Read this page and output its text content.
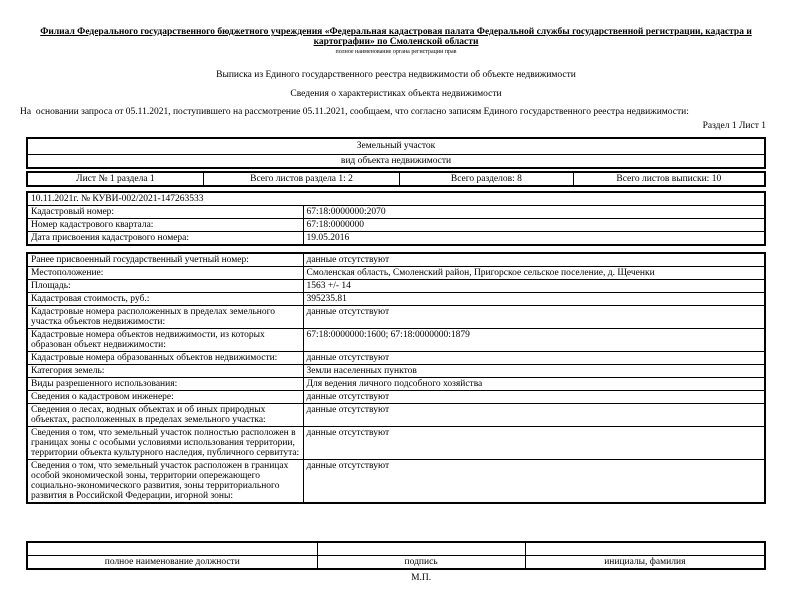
Филиал Федерального государственного бюджетного учреждения «Федеральная кадастровая палата Федеральной службы государственной регистрации, кадастра и картографии» по Смоленской области
полное наименование органа регистрации прав
Выписка из Единого государственного реестра недвижимости об объекте недвижимости
Сведения о характеристиках объекта недвижимости
На  основании запроса от 05.11.2021, поступившего на рассмотрение 05.11.2021, сообщаем, что согласно записям Единого государственного реестра недвижимости:
Раздел 1 Лист 1
Земельный участок
вид объекта недвижимости
Лист № 1 раздела 1	Всего листов раздела 1: 2	Всего разделов: 8	Всего листов выписки: 10
10.11.2021г. № КУВИ-002/2021-147263533	
Кадастровый номер:	67:18:0000000:2070
Номер кадастрового квартала:	67:18:0000000
Дата присвоения кадастрового номера:	19.05.2016
Ранее присвоенный государственный учетный номер:	данные отсутствуют
Местоположение:	Смоленская область, Смоленский район, Пригорское сельское поселение, д. Щеченки
Площадь:	1563 +/- 14
Кадастровая стоимость, руб.:	395235.81
Кадастровые номера расположенных в пределах земельного участка объектов недвижимости:	данные отсутствуют
Кадастровые номера объектов недвижимости, из которых образован объект недвижимости:	67:18:0000000:1600; 67:18:0000000:1879
Кадастровые номера образованных объектов недвижимости:	данные отсутствуют
Категория земель:	Земли населенных пунктов
Виды разрешенного использования:	Для ведения личного подсобного хозяйства
Сведения о кадастровом инженере:	данные отсутствуют
Сведения о лесах, водных объектах и об иных природных объектах, расположенных в пределах земельного участка:	данные отсутствуют
Сведения о том, что земельный участок полностью расположен в границах зоны с особыми условиями использования территории, территории объекта культурного наследия, публичного сервитута:	данные отсутствуют
Сведения о том, что земельный участок расположен в границах особой экономической зоны, территории опережающего социально-экономического развития, зоны территориального развития в Российской Федерации, игорной зоны:	данные отсутствуют

полное наименование должности	подпись	инициалы, фамилия
М.П.
